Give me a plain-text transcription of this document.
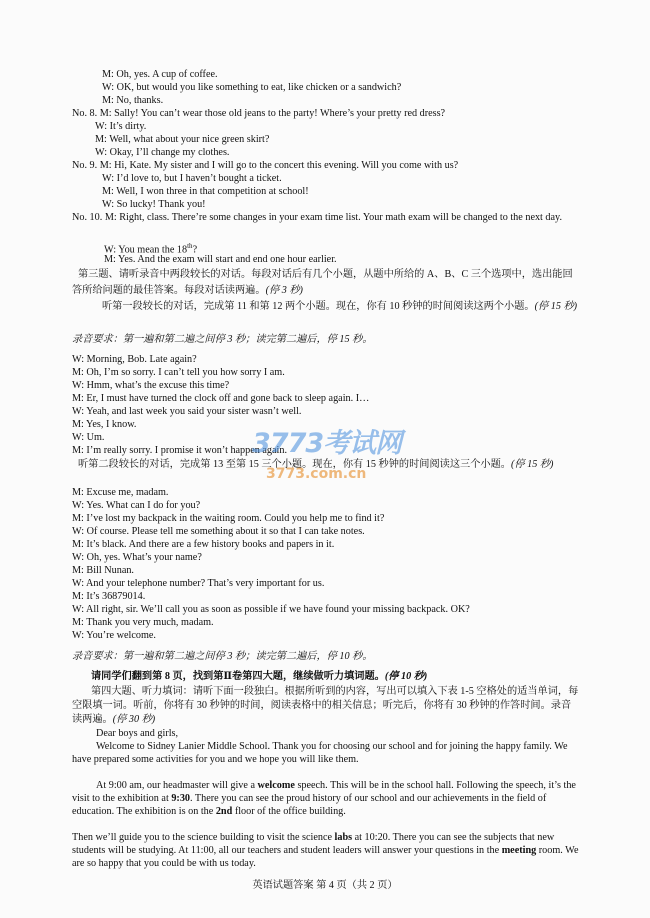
M: Oh, yes. A cup of coffee.
W: OK, but would you like something to eat, like chicken or a sandwich?
M: No, thanks.
No. 8. M: Sally! You can’t wear those old jeans to the party! Where’s your pretty red dress?
W: It’s dirty.
M: Well, what about your nice green skirt?
W: Okay, I’ll change my clothes.
No. 9. M: Hi, Kate. My sister and I will go to the concert this evening. Will you come with us?
W: I’d love to, but I haven’t bought a ticket.
M: Well, I won three in that competition at school!
W: So lucky! Thank you!
No. 10. M: Right, class. There’re some changes in your exam time list. Your math exam will be changed to the next day.
W: You mean the 18th?
M: Yes. And the exam will start and end one hour earlier.
第三题、请听录音中两段较长的对话。每段对话后有几个小题，从题中所给的 A、B、C 三个选项中，选出能回答所给问题的最佳答案。每段对话读两遍。(停 3 秒)
听第一段较长的对话，完成第 11 和第 12 两个小题。现在，你有 10 秒钟的时间阅读这两个小题。(停 15 秒)
录音要求：第一遍和第二遍之间停 3 秒；读完第二遍后，停 15 秒。
W: Morning, Bob. Late again?
M: Oh, I’m so sorry. I can’t tell you how sorry I am.
W: Hmm, what’s the excuse this time?
M: Er, I must have turned the clock off and gone back to sleep again. I…
W: Yeah, and last week you said your sister wasn’t well.
M: Yes, I know.
W: Um.
M: I’m really sorry. I promise it won’t happen again.
听第二段较长的对话，完成第 13 至第 15 三个小题。现在，你有 15 秒钟的时间阅读这三个小题。(停 15 秒)
M: Excuse me, madam.
W: Yes. What can I do for you?
M: I’ve lost my backpack in the waiting room. Could you help me to find it?
W: Of course. Please tell me something about it so that I can take notes.
M: It’s black. And there are a few history books and papers in it.
W: Oh, yes. What’s your name?
M: Bill Nunan.
W: And your telephone number? That’s very important for us.
M: It’s 36879014.
W: All right, sir. We’ll call you as soon as possible if we have found your missing backpack. OK?
M: Thank you very much, madam.
W: You’re welcome.
录音要求：第一遍和第二遍之间停 3 秒；读完第二遍后，停 10 秒。
请同学们翻到第 8 页，找到第Ⅱ卷第四大题，继续做听力填词题。(停 10 秒)
第四大题、听力填词：请听下面一段独白。根据所听到的内容，写出可以填入下表 1-5 空格处的适当单词，每空限填一词。听前，你将有 30 秒钟的时间，阅读表格中的相关信息；听完后，你将有 30 秒钟的作答时间。录音读两遍。(停 30 秒)
Dear boys and girls,
Welcome to Sidney Lanier Middle School. Thank you for choosing our school and for joining the happy family. We have prepared some activities for you and we hope you will like them.
At 9:00 am, our headmaster will give a welcome speech. This will be in the school hall. Following the speech, it’s the visit to the exhibition at 9:30. There you can see the proud history of our school and our achievements in the field of education. The exhibition is on the 2nd floor of the office building.
Then we’ll guide you to the science building to visit the science labs at 10:20. There you can see the subjects that new students will be studying. At 11:00, all our teachers and student leaders will answer your questions in the meeting room. We are so happy that you could be with us today.
英语试题答案 第 4 页（共 2 页）
3773考试网
3773.com.cn
